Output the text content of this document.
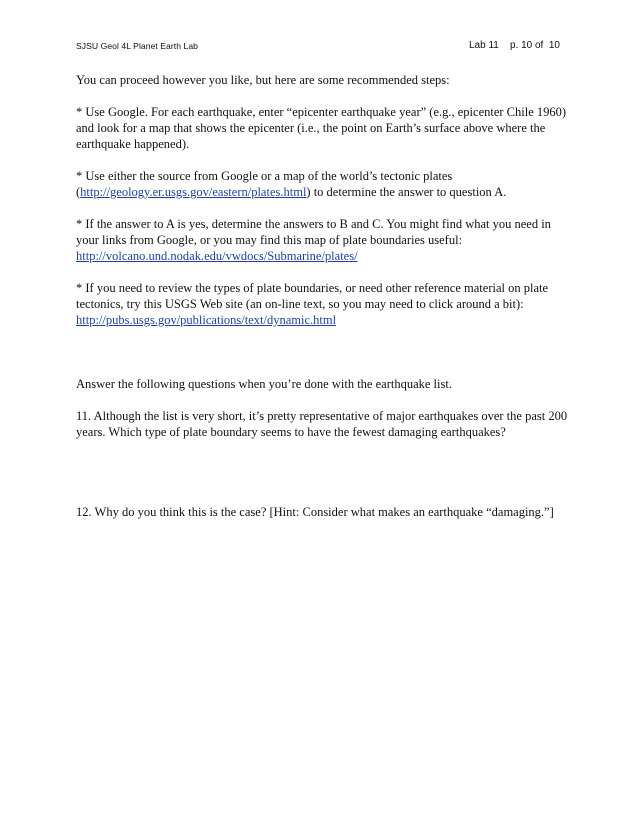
SJSU Geol 4L Planet Earth Lab	Lab 11    p. 10 of  10

You can proceed however you like, but here are some recommended steps:

* Use Google. For each earthquake, enter “epicenter earthquake year” (e.g., epicenter Chile 1960) and look for a map that shows the epicenter (i.e., the point on Earth’s surface above where the earthquake happened).

* Use either the source from Google or a map of the world’s tectonic plates (http://geology.er.usgs.gov/eastern/plates.html) to determine the answer to question A.

* If the answer to A is yes, determine the answers to B and C. You might find what you need in your links from Google, or you may find this map of plate boundaries useful:
http://volcano.und.nodak.edu/vwdocs/Submarine/plates/

* If you need to review the types of plate boundaries, or need other reference material on plate tectonics, try this USGS Web site (an on-line text, so you may need to click around a bit):
http://pubs.usgs.gov/publications/text/dynamic.html

Answer the following questions when you’re done with the earthquake list.

11. Although the list is very short, it’s pretty representative of major earthquakes over the past 200 years. Which type of plate boundary seems to have the fewest damaging earthquakes?

12. Why do you think this is the case? [Hint: Consider what makes an earthquake “damaging.”]
